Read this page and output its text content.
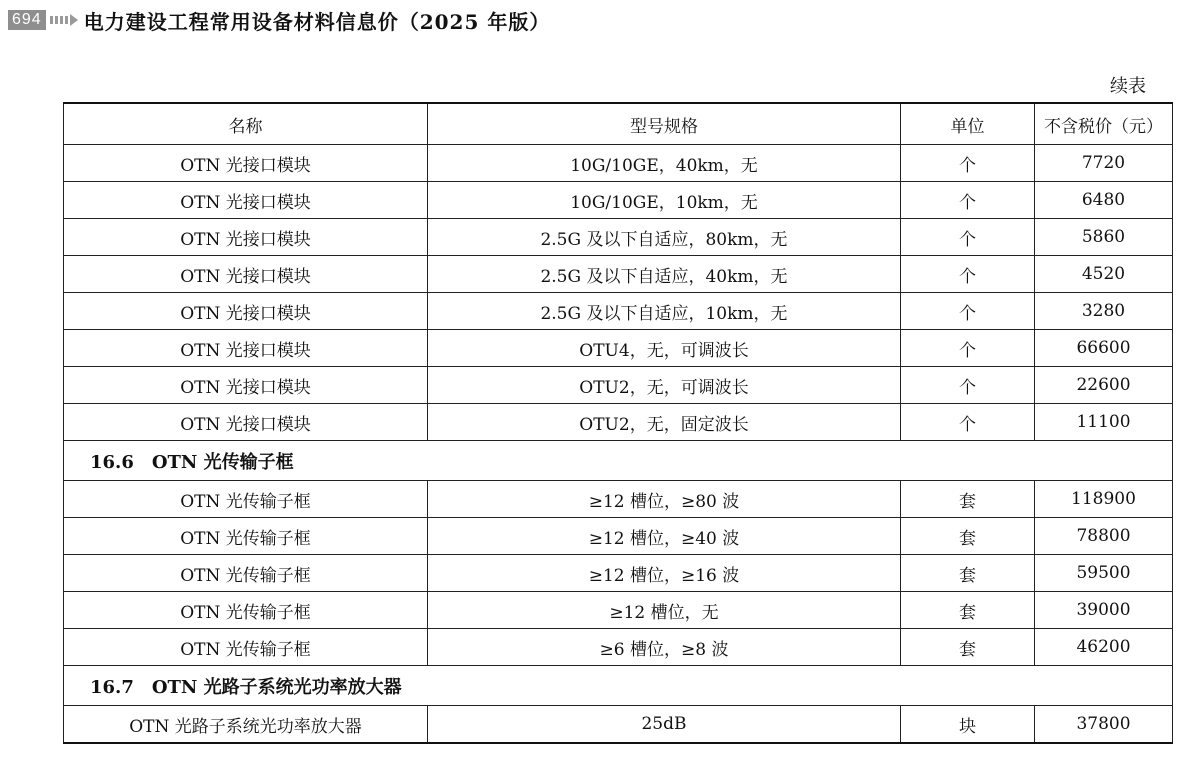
694 电力建设工程常用设备材料信息价（2025 年版）
续表
名称	型号规格	单位	不含税价（元）
OTN 光接口模块	10G/10GE，40km，无	个	7720
OTN 光接口模块	10G/10GE，10km，无	个	6480
OTN 光接口模块	2.5G 及以下自适应，80km，无	个	5860
OTN 光接口模块	2.5G 及以下自适应，40km，无	个	4520
OTN 光接口模块	2.5G 及以下自适应，10km，无	个	3280
OTN 光接口模块	OTU4，无，可调波长	个	66600
OTN 光接口模块	OTU2，无，可调波长	个	22600
OTN 光接口模块	OTU2，无，固定波长	个	11100
16.6　OTN 光传输子框			
OTN 光传输子框	≥12 槽位，≥80 波	套	118900
OTN 光传输子框	≥12 槽位，≥40 波	套	78800
OTN 光传输子框	≥12 槽位，≥16 波	套	59500
OTN 光传输子框	≥12 槽位，无	套	39000
OTN 光传输子框	≥6 槽位，≥8 波	套	46200
16.7　OTN 光路子系统光功率放大器			
OTN 光路子系统光功率放大器	25dB	块	37800
